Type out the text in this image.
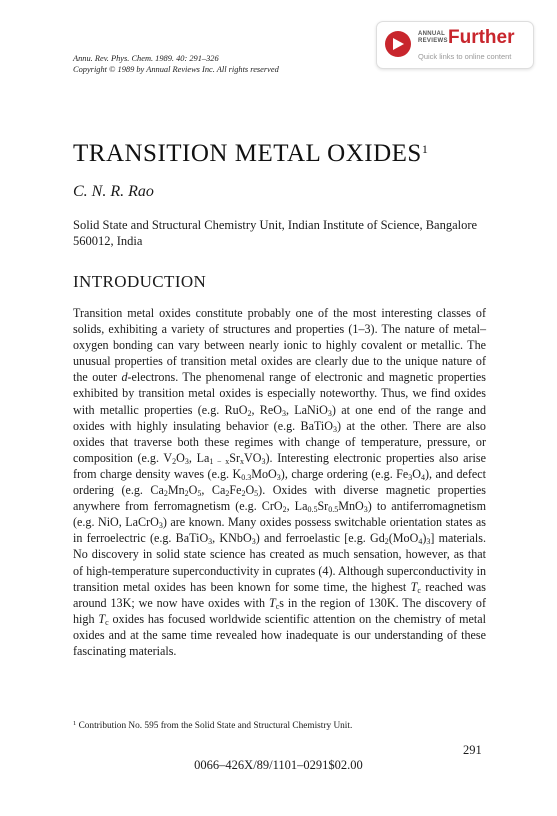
Annu. Rev. Phys. Chem. 1989. 40: 291–326
Copyright © 1989 by Annual Reviews Inc. All rights reserved
ANNUAL
REVIEWS Further
Quick links to online content
TRANSITION METAL OXIDES$^1$
C. N. R. Rao
Solid State and Structural Chemistry Unit, Indian Institute of Science, Bangalore 560012, India
INTRODUCTION
Transition metal oxides constitute probably one of the most interesting classes of solids, exhibiting a variety of structures and properties (1–3). The nature of metal–oxygen bonding can vary between nearly ionic to highly covalent or metallic. The unusual properties of transition metal oxides are clearly due to the unique nature of the outer d-electrons. The phenomenal range of electronic and magnetic properties exhibited by transition metal oxides is especially noteworthy. Thus, we find oxides with metallic properties (e.g. RuO$_2$, ReO$_3$, LaNiO$_3$) at one end of the range and oxides with highly insulating behavior (e.g. BaTiO$_3$) at the other. There are also oxides that traverse both these regimes with change of temperature, pressure, or composition (e.g. $V_2O_3$, $La_{1 - x}Sr_xVO_3$). Interesting electronic properties also arise from charge density waves (e.g. $K_{0.3}MoO_3$), charge ordering (e.g. $Fe_3O_4$), and defect ordering (e.g. $Ca_2Mn_2O_5$, $Ca_2Fe_2O_5$). Oxides with diverse magnetic properties anywhere from ferromagnetism (e.g. CrO$_2$, $La_{0.5}Sr_{0.5}MnO_3$) to antiferromagnetism (e.g. NiO, LaCrO$_3$) are known. Many oxides possess switchable orientation states as in ferroelectric (e.g. BaTiO$_3$, KNbO$_3$) and ferroelastic [e.g. $Gd_2(MoO_4)_3$] materials. No discovery in solid state science has created as much sensation, however, as that of high-temperature superconductivity in cuprates (4). Although superconductivity in transition metal oxides has been known for some time, the highest $T_c$ reached was around 13K; we now have oxides with $T_cs$ in the region of 130K. The discovery of high $T_c$ oxides has focused worldwide scientific attention on the chemistry of metal oxides and at the same time revealed how inadequate is our understanding of these fascinating materials.
$^1$ Contribution No. 595 from the Solid State and Structural Chemistry Unit.
291
0066–426X/89/1101–0291$02.00
